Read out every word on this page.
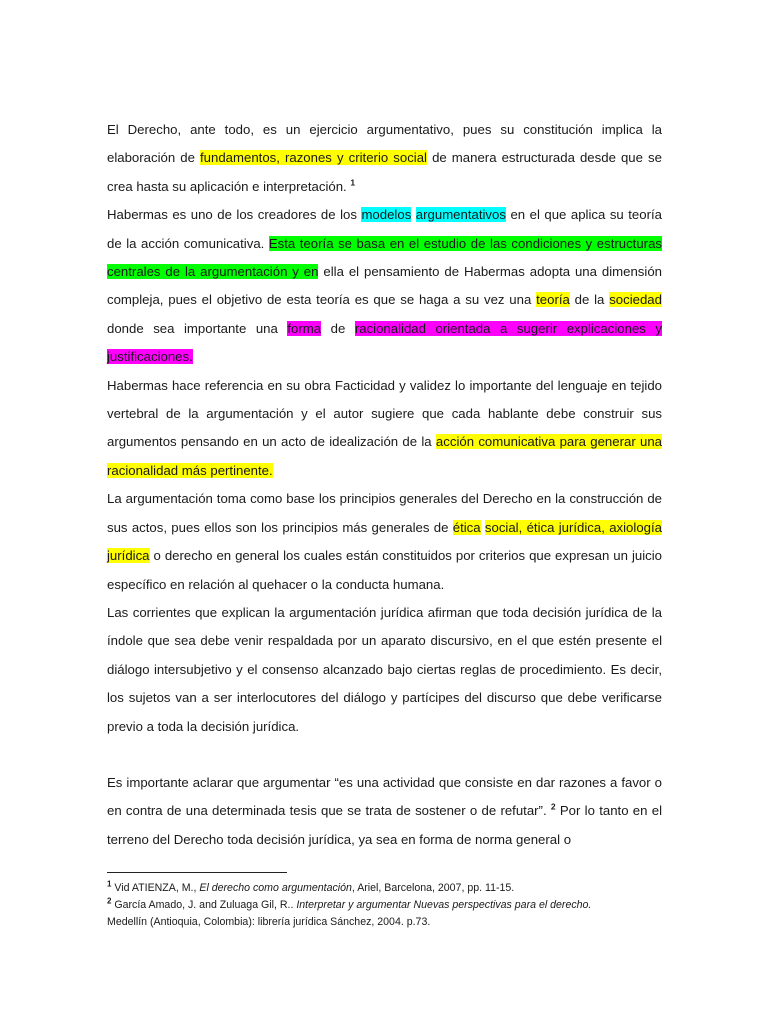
El Derecho, ante todo, es un ejercicio argumentativo, pues su constitución implica la elaboración de fundamentos, razones y criterio social de manera estructurada desde que se crea hasta su aplicación e interpretación. $^1$

Habermas es uno de los creadores de los modelos argumentativos en el que aplica su teoría de la acción comunicativa. Esta teoría se basa en el estudio de las condiciones y estructuras centrales de la argumentación y en ella el pensamiento de Habermas adopta una dimensión compleja, pues el objetivo de esta teoría es que se haga a su vez una teoría de la sociedad donde sea importante una forma de racionalidad orientada a sugerir explicaciones y justificaciones.

Habermas hace referencia en su obra Facticidad y validez lo importante del lenguaje en tejido vertebral de la argumentación y el autor sugiere que cada hablante debe construir sus argumentos pensando en un acto de idealización de la acción comunicativa para generar una racionalidad más pertinente.

La argumentación toma como base los principios generales del Derecho en la construcción de sus actos, pues ellos son los principios más generales de ética social, ética jurídica, axiología jurídica o derecho en general los cuales están constituidos por criterios que expresan un juicio específico en relación al quehacer o la conducta humana.

Las corrientes que explican la argumentación jurídica afirman que toda decisión jurídica de la índole que sea debe venir respaldada por un aparato discursivo, en el que estén presente el diálogo intersubjetivo y el consenso alcanzado bajo ciertas reglas de procedimiento. Es decir, los sujetos van a ser interlocutores del diálogo y partícipes del discurso que debe verificarse previo a toda la decisión jurídica.

Es importante aclarar que argumentar “es una actividad que consiste en dar razones a favor o en contra de una determinada tesis que se trata de sostener o de refutar”. $^2$ Por lo tanto en el terreno del Derecho toda decisión jurídica, ya sea en forma de norma general o

$^1$ Vid ATIENZA, M., El derecho como argumentación, Ariel, Barcelona, 2007, pp. 11-15.

$^2$ García Amado, J. and Zuluaga Gil, R.. Interpretar y argumentar Nuevas perspectivas para el derecho.

Medellín (Antioquia, Colombia): librería jurídica Sánchez, 2004. p.73.
